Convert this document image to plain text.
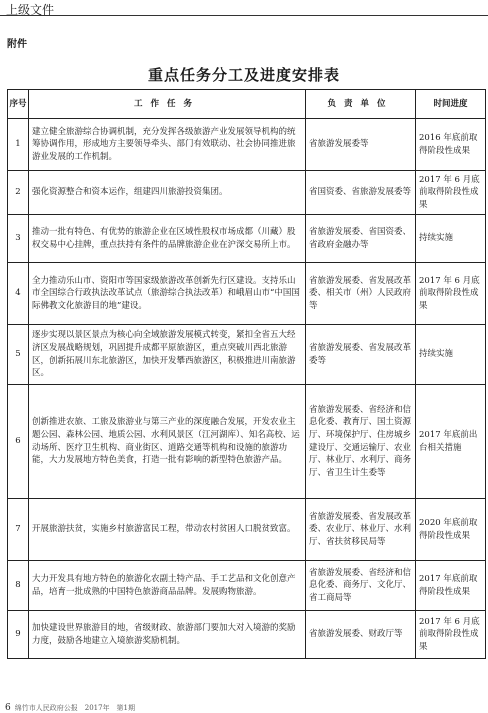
上级文件
附件
重点任务分工及进度安排表
序号	工作任务	负责单位	时间进度
1	建立健全旅游综合协调机制，充分发挥各级旅游产业发展领导机构的统筹协调作用，形成地方主要领导牵头、部门有效联动、社会协同推进旅游业发展的工作机制。	省旅游发展委等	2016 年底前取得阶段性成果
2	强化资源整合和资本运作，组建四川旅游投资集团。	省国资委、省旅游发展委等	2017 年 6 月底前取得阶段性成果
3	推动一批有特色、有优势的旅游企业在区域性股权市场成都（川藏）股权交易中心挂牌，重点扶持有条件的品牌旅游企业在沪深交易所上市。	省旅游发展委、省国资委、省政府金融办等	持续实施
4	全力推动乐山市、资阳市等国家级旅游改革创新先行区建设。支持乐山市全国综合行政执法改革试点（旅游综合执法改革）和峨眉山市“中国国际佛教文化旅游目的地”建设。	省旅游发展委、省发展改革委、相关市（州）人民政府等	2017 年 6 月底前取得阶段性成果
5	逐步实现以景区景点为核心向全域旅游发展模式转变，紧扣全省五大经济区发展战略规划，巩固提升成都平原旅游区，重点突破川西北旅游区，创新拓展川东北旅游区，加快开发攀西旅游区，积极推进川南旅游区。	省旅游发展委、省发展改革委等	持续实施
6	创新推进农旅、工旅及旅游业与第三产业的深度融合发展，开发农业主题公园、森林公园、地质公园、水利风景区（江河湖库）、知名高校、运动场所、医疗卫生机构、商业街区、道路交通等机构和设施的旅游功能，大力发展地方特色美食，打造一批有影响的新型特色旅游产品。	省旅游发展委、省经济和信息化委、教育厅、国土资源厅、环境保护厅、住房城乡建设厅、交通运输厅、农业厅、林业厅、水利厅、商务厅、省卫生计生委等	2017 年底前出台相关措施
7	开展旅游扶贫，实施乡村旅游富民工程，带动农村贫困人口脱贫致富。	省旅游发展委、省发展改革委、农业厅、林业厅、水利厅、省扶贫移民局等	2020 年底前取得阶段性成果
8	大力开发具有地方特色的旅游化农副土特产品、手工艺品和文化创意产品，培育一批成熟的中国特色旅游商品品牌。发展购物旅游。	省旅游发展委、省经济和信息化委、商务厅、文化厅、省工商局等	2017 年底前取得阶段性成果
9	加快建设世界旅游目的地，省级财政、旅游部门要加大对入境游的奖励力度，鼓励各地建立入境旅游奖励机制。	省旅游发展委、财政厅等	2017 年 6 月底前取得阶段性成果
6 绵竹市人民政府公报　2017年　第1期
